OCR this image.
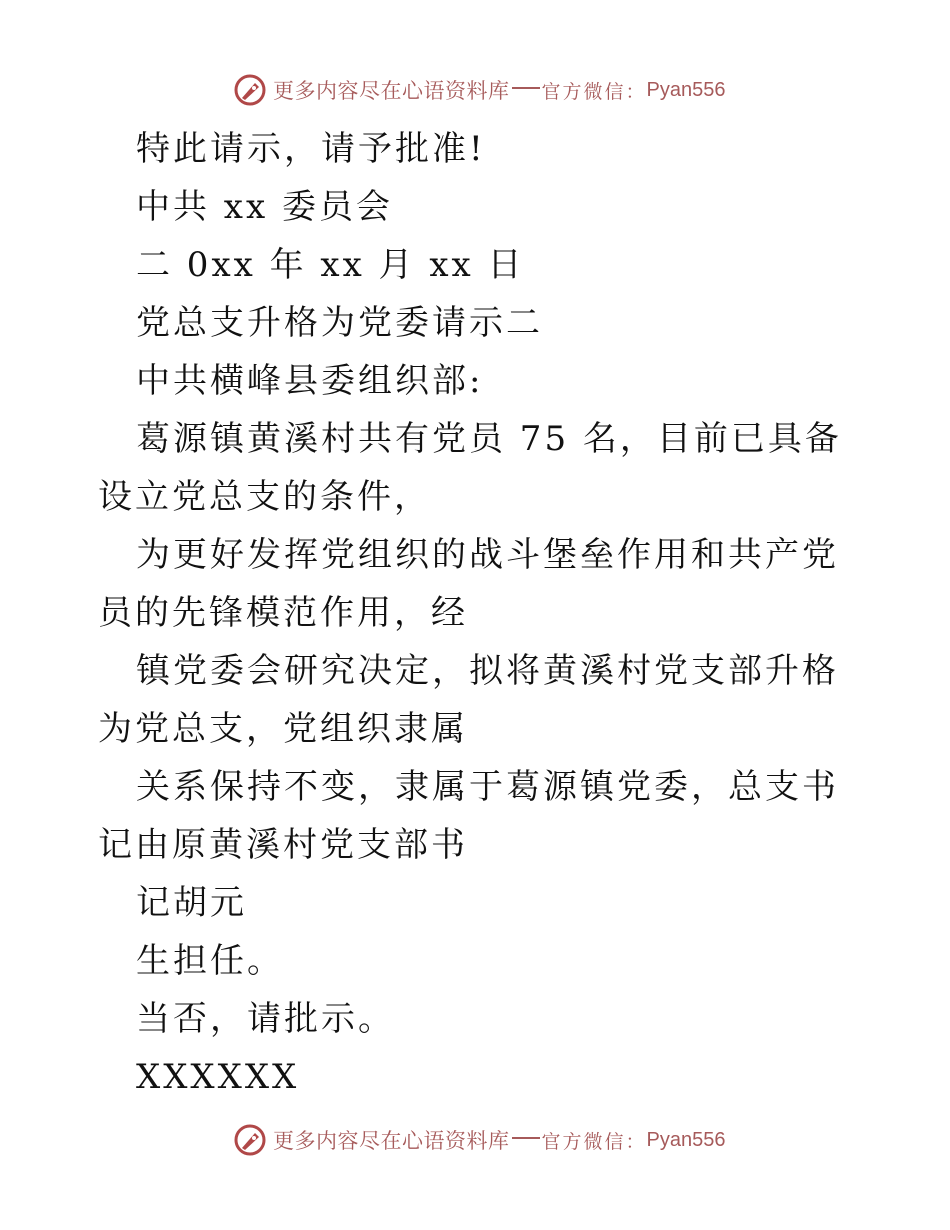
更多内容尽在心语资料库 官方微信： Pyan556

特此请示，请予批准!

中共 xx 委员会

二 0xx 年 xx 月 xx 日

党总支升格为党委请示二

中共横峰县委组织部:

葛源镇黄溪村共有党员 75 名，目前已具备设立党总支的条件，

为更好发挥党组织的战斗堡垒作用和共产党员的先锋模范作用，经

镇党委会研究决定，拟将黄溪村党支部升格为党总支，党组织隶属

关系保持不变，隶属于葛源镇党委，总支书记由原黄溪村党支部书

记胡元

生担任。

当否，请批示。

XXXXXX

更多内容尽在心语资料库 官方微信： Pyan556
